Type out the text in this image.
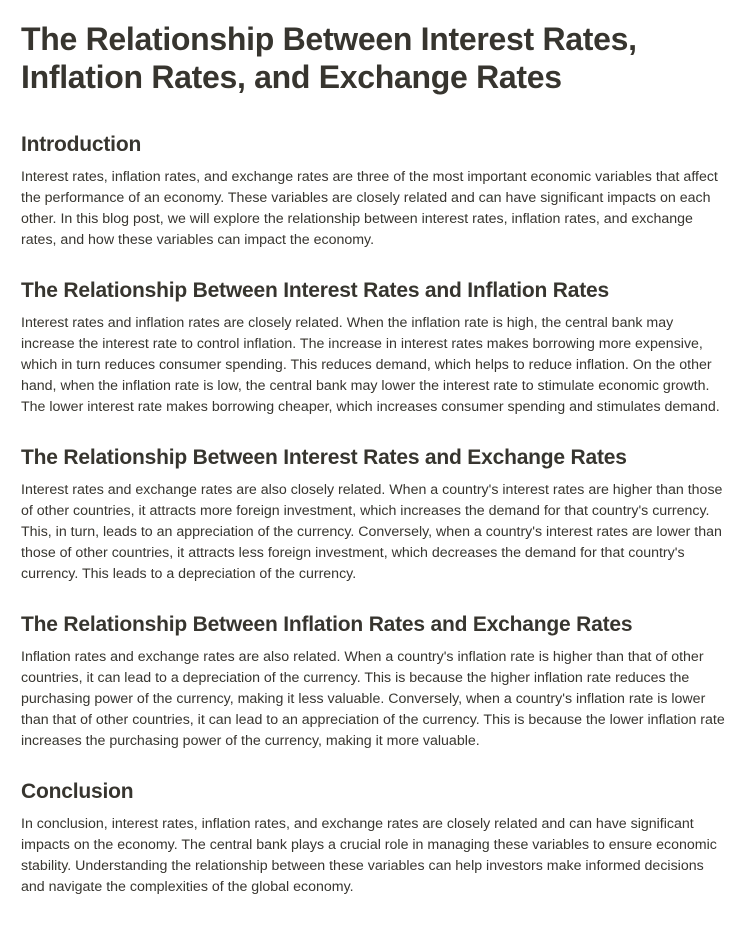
The Relationship Between Interest Rates, Inflation Rates, and Exchange Rates
Introduction

Interest rates, inflation rates, and exchange rates are three of the most important economic variables that affect the performance of an economy. These variables are closely related and can have significant impacts on each other. In this blog post, we will explore the relationship between interest rates, inflation rates, and exchange rates, and how these variables can impact the economy.

The Relationship Between Interest Rates and Inflation Rates

Interest rates and inflation rates are closely related. When the inflation rate is high, the central bank may increase the interest rate to control inflation. The increase in interest rates makes borrowing more expensive, which in turn reduces consumer spending. This reduces demand, which helps to reduce inflation. On the other hand, when the inflation rate is low, the central bank may lower the interest rate to stimulate economic growth. The lower interest rate makes borrowing cheaper, which increases consumer spending and stimulates demand.

The Relationship Between Interest Rates and Exchange Rates

Interest rates and exchange rates are also closely related. When a country's interest rates are higher than those of other countries, it attracts more foreign investment, which increases the demand for that country's currency. This, in turn, leads to an appreciation of the currency. Conversely, when a country's interest rates are lower than those of other countries, it attracts less foreign investment, which decreases the demand for that country's currency. This leads to a depreciation of the currency.

The Relationship Between Inflation Rates and Exchange Rates

Inflation rates and exchange rates are also related. When a country's inflation rate is higher than that of other countries, it can lead to a depreciation of the currency. This is because the higher inflation rate reduces the purchasing power of the currency, making it less valuable. Conversely, when a country's inflation rate is lower than that of other countries, it can lead to an appreciation of the currency. This is because the lower inflation rate increases the purchasing power of the currency, making it more valuable.

Conclusion

In conclusion, interest rates, inflation rates, and exchange rates are closely related and can have significant impacts on the economy. The central bank plays a crucial role in managing these variables to ensure economic stability. Understanding the relationship between these variables can help investors make informed decisions and navigate the complexities of the global economy.
